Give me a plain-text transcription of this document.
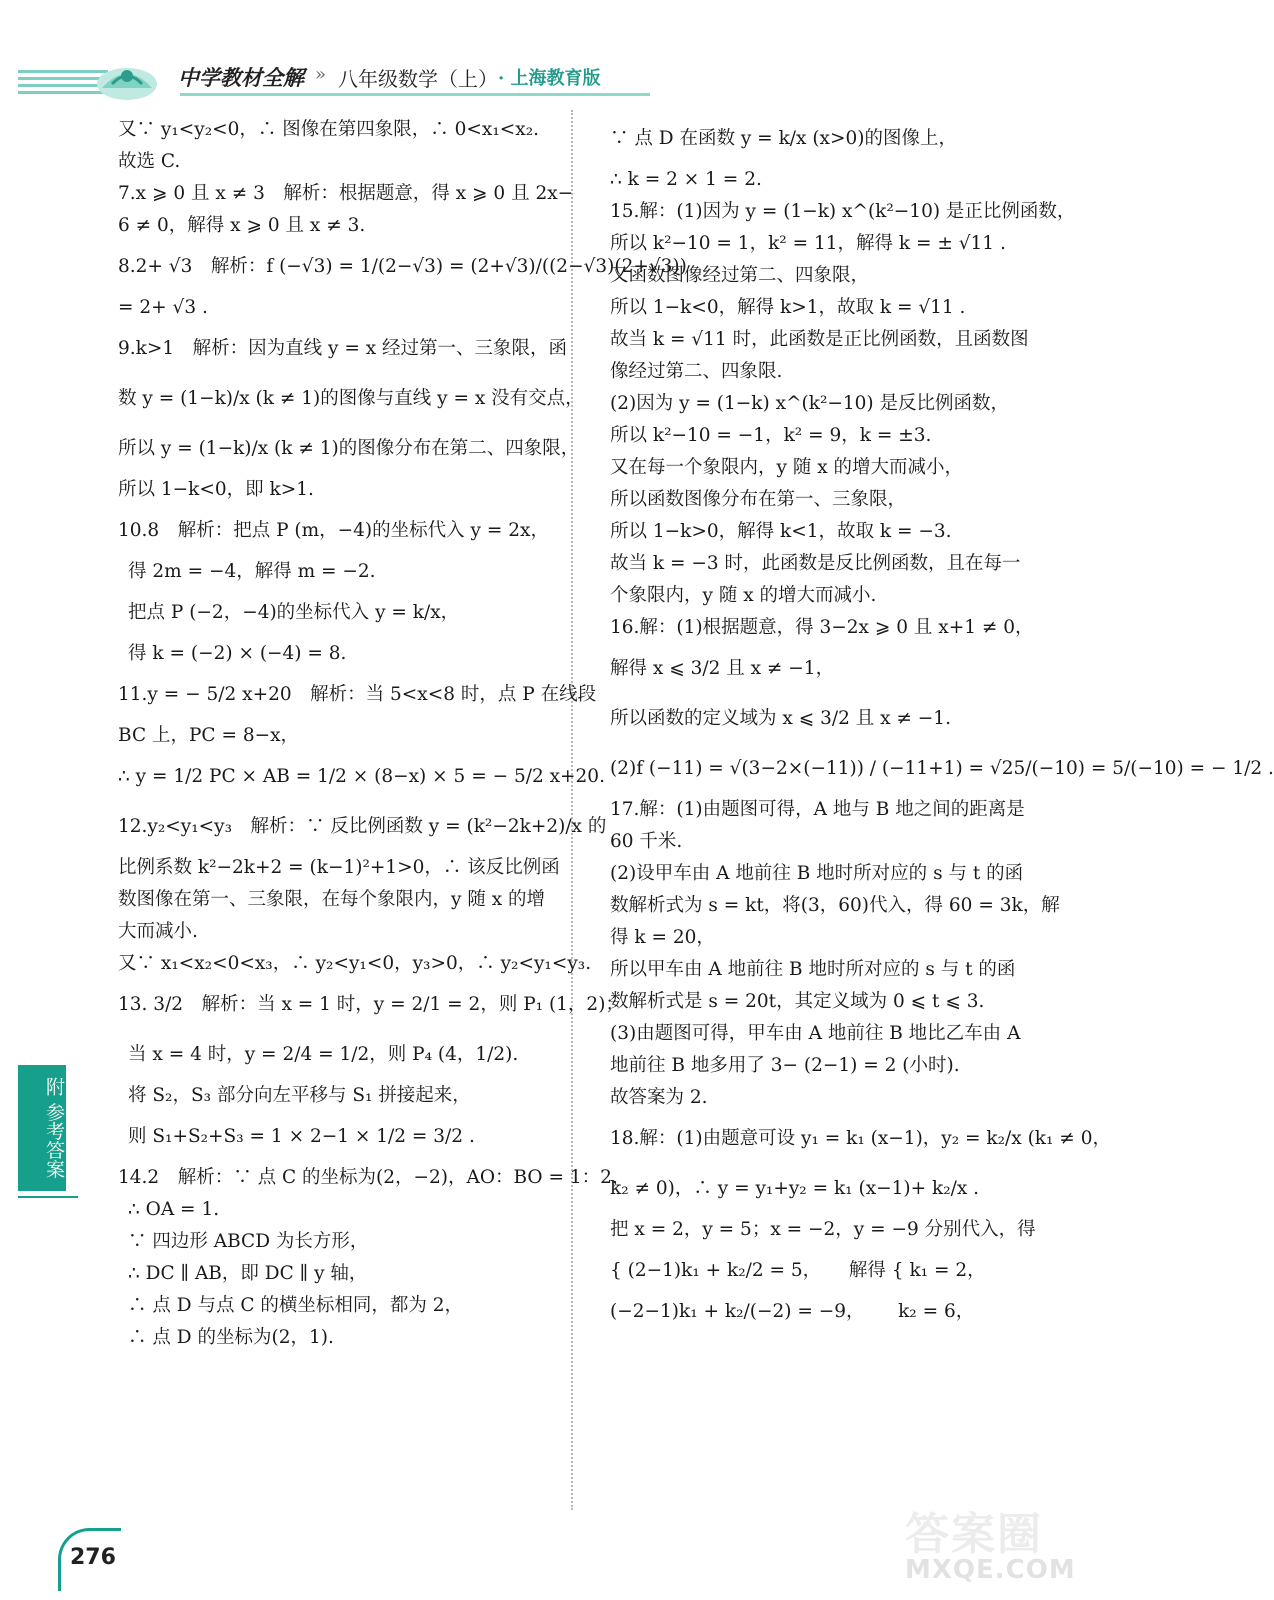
中学教材全解 » 八年级数学（上） · 上海教育版
又∵ y₁<y₂<0，∴ 图像在第四象限，∴ 0<x₁<x₂.
故选 C.
7.x ⩾ 0 且 x ≠ 3　解析：根据题意，得 x ⩾ 0 且 2x−
6 ≠ 0，解得 x ⩾ 0 且 x ≠ 3.
8.2+ √3　解析：f (−√3) = 1/(2−√3) = (2+√3)/((2−√3)(2+√3))
= 2+ √3 .
9.k>1　解析：因为直线 y = x 经过第一、三象限，函
数 y = (1−k)/x (k ≠ 1)的图像与直线 y = x 没有交点，
所以 y = (1−k)/x (k ≠ 1)的图像分布在第二、四象限，
所以 1−k<0，即 k>1.
10.8　解析：把点 P (m，−4)的坐标代入 y = 2x，
得 2m = −4，解得 m = −2.
把点 P (−2，−4)的坐标代入 y = k/x，
得 k = (−2) × (−4) = 8.
11.y = − 5/2 x+20　解析：当 5<x<8 时，点 P 在线段
BC 上，PC = 8−x，
∴ y = 1/2 PC × AB = 1/2 × (8−x) × 5 = − 5/2 x+20.
12.y₂<y₁<y₃　解析：∵ 反比例函数 y = (k²−2k+2)/x 的
比例系数 k²−2k+2 = (k−1)²+1>0，∴ 该反比例函
数图像在第一、三象限，在每个象限内，y 随 x 的增
大而减小.
又∵ x₁<x₂<0<x₃，∴ y₂<y₁<0，y₃>0，∴ y₂<y₁<y₃.
13. 3/2　解析：当 x = 1 时，y = 2/1 = 2，则 P₁ (1，2)；
当 x = 4 时，y = 2/4 = 1/2，则 P₄ (4，1/2).
将 S₂，S₃ 部分向左平移与 S₁ 拼接起来，
则 S₁+S₂+S₃ = 1 × 2−1 × 1/2 = 3/2 .
14.2　解析：∵ 点 C 的坐标为(2，−2)，AO：BO = 1：2，
∴ OA = 1.
∵ 四边形 ABCD 为长方形，
∴ DC ∥ AB，即 DC ∥ y 轴，
∴ 点 D 与点 C 的横坐标相同，都为 2，
∴ 点 D 的坐标为(2，1).
∵ 点 D 在函数 y = k/x (x>0)的图像上，
∴ k = 2 × 1 = 2.
15.解：(1)因为 y = (1−k) x^(k²−10) 是正比例函数，
所以 k²−10 = 1，k² = 11，解得 k = ± √11 .
又函数图像经过第二、四象限，
所以 1−k<0，解得 k>1，故取 k = √11 .
故当 k = √11 时，此函数是正比例函数，且函数图
像经过第二、四象限.
(2)因为 y = (1−k) x^(k²−10) 是反比例函数，
所以 k²−10 = −1，k² = 9，k = ±3.
又在每一个象限内，y 随 x 的增大而减小，
所以函数图像分布在第一、三象限，
所以 1−k>0，解得 k<1，故取 k = −3.
故当 k = −3 时，此函数是反比例函数，且在每一
个象限内，y 随 x 的增大而减小.
16.解：(1)根据题意，得 3−2x ⩾ 0 且 x+1 ≠ 0，
解得 x ⩽ 3/2 且 x ≠ −1，
所以函数的定义域为 x ⩽ 3/2 且 x ≠ −1.
(2)f (−11) = √(3−2×(−11)) / (−11+1) = √25/(−10) = 5/(−10) = − 1/2 .
17.解：(1)由题图可得，A 地与 B 地之间的距离是
60 千米.
(2)设甲车由 A 地前往 B 地时所对应的 s 与 t 的函
数解析式为 s = kt，将(3，60)代入，得 60 = 3k，解
得 k = 20，
所以甲车由 A 地前往 B 地时所对应的 s 与 t 的函
数解析式是 s = 20t，其定义域为 0 ⩽ t ⩽ 3.
(3)由题图可得，甲车由 A 地前往 B 地比乙车由 A
地前往 B 地多用了 3− (2−1) = 2 (小时).
故答案为 2.
18.解：(1)由题意可设 y₁ = k₁ (x−1)，y₂ = k₂/x (k₁ ≠ 0，
k₂ ≠ 0)，∴ y = y₁+y₂ = k₁ (x−1)+ k₂/x .
把 x = 2，y = 5；x = −2，y = −9 分别代入，得
{ (2−1)k₁ + k₂/2 = 5，　　解得 { k₁ = 2，
(−2−1)k₁ + k₂/(−2) = −9，　　 k₂ = 6，
附 参考答案
276	答案圈
MXQE.COM
